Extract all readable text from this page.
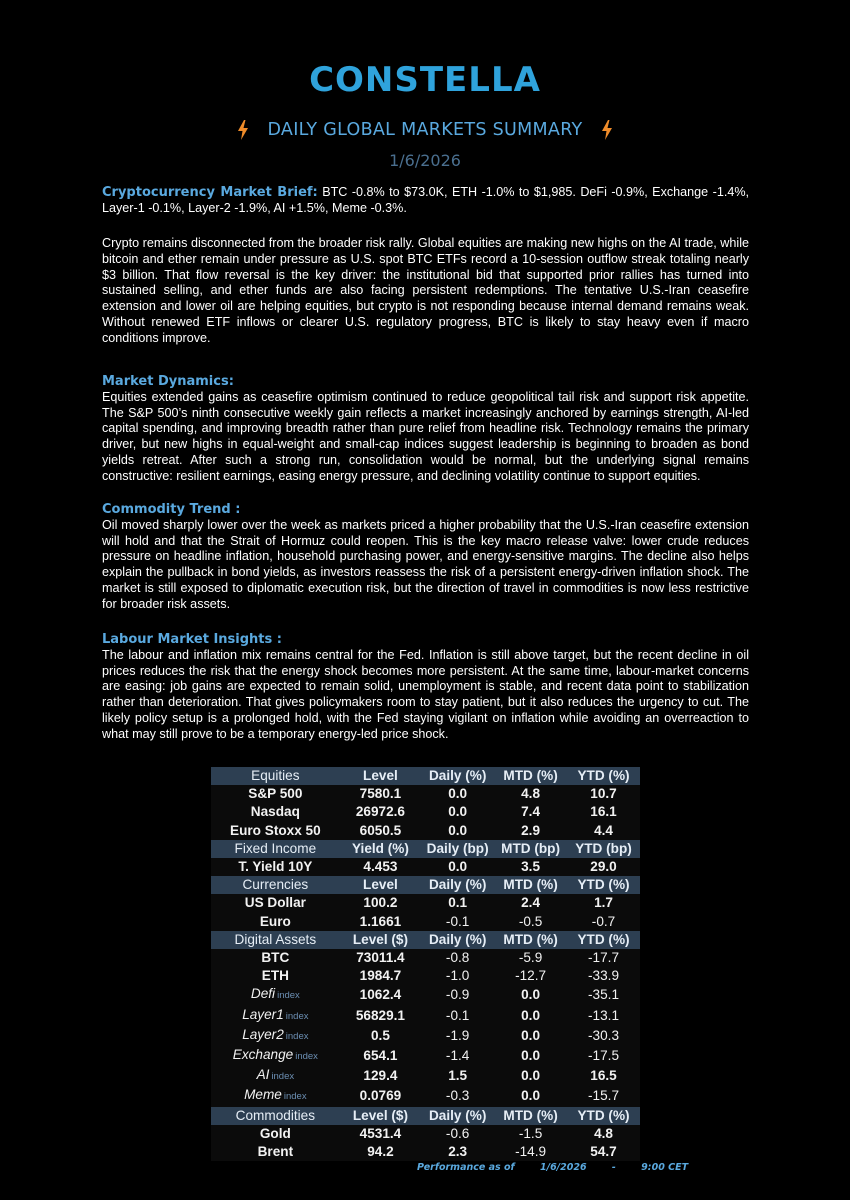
CONSTELLA
DAILY GLOBAL MARKETS SUMMARY
1/6/2026
Cryptocurrency Market Brief: BTC -0.8% to $73.0K, ETH -1.0% to $1,985. DeFi -0.9%, Exchange -1.4%, Layer-1 -0.1%, Layer-2 -1.9%, AI +1.5%, Meme -0.3%.
Crypto remains disconnected from the broader risk rally. Global equities are making new highs on the AI trade, while bitcoin and ether remain under pressure as U.S. spot BTC ETFs record a 10-session outflow streak totaling nearly $3 billion. That flow reversal is the key driver: the institutional bid that supported prior rallies has turned into sustained selling, and ether funds are also facing persistent redemptions. The tentative U.S.-Iran ceasefire extension and lower oil are helping equities, but crypto is not responding because internal demand remains weak. Without renewed ETF inflows or clearer U.S. regulatory progress, BTC is likely to stay heavy even if macro conditions improve.
Market Dynamics:
Equities extended gains as ceasefire optimism continued to reduce geopolitical tail risk and support risk appetite. The S&P 500’s ninth consecutive weekly gain reflects a market increasingly anchored by earnings strength, AI-led capital spending, and improving breadth rather than pure relief from headline risk. Technology remains the primary driver, but new highs in equal-weight and small-cap indices suggest leadership is beginning to broaden as bond yields retreat. After such a strong run, consolidation would be normal, but the underlying signal remains constructive: resilient earnings, easing energy pressure, and declining volatility continue to support equities.
Commodity Trend :
Oil moved sharply lower over the week as markets priced a higher probability that the U.S.-Iran ceasefire extension will hold and that the Strait of Hormuz could reopen. This is the key macro release valve: lower crude reduces pressure on headline inflation, household purchasing power, and energy-sensitive margins. The decline also helps explain the pullback in bond yields, as investors reassess the risk of a persistent energy-driven inflation shock. The market is still exposed to diplomatic execution risk, but the direction of travel in commodities is now less restrictive for broader risk assets.
Labour Market Insights :
The labour and inflation mix remains central for the Fed. Inflation is still above target, but the recent decline in oil prices reduces the risk that the energy shock becomes more persistent. At the same time, labour-market concerns are easing: job gains are expected to remain solid, unemployment is stable, and recent data point to stabilization rather than deterioration. That gives policymakers room to stay patient, but it also reduces the urgency to cut. The likely policy setup is a prolonged hold, with the Fed staying vigilant on inflation while avoiding an overreaction to what may still prove to be a temporary energy-led price shock.
Equities	Level	Daily (%)	MTD (%)	YTD (%)
S&P 500	7580.1	0.0	4.8	10.7
Nasdaq	26972.6	0.0	7.4	16.1
Euro Stoxx 50	6050.5	0.0	2.9	4.4
Fixed Income	Yield (%)	Daily (bp)	MTD (bp)	YTD (bp)
T. Yield 10Y	4.453	0.0	3.5	29.0
Currencies	Level	Daily (%)	MTD (%)	YTD (%)
US Dollar	100.2	0.1	2.4	1.7
Euro	1.1661	-0.1	-0.5	-0.7
Digital Assets	Level ($)	Daily (%)	MTD (%)	YTD (%)
BTC	73011.4	-0.8	-5.9	-17.7
ETH	1984.7	-1.0	-12.7	-33.9
Defi index	1062.4	-0.9	0.0	-35.1
Layer1 index	56829.1	-0.1	0.0	-13.1
Layer2 index	0.5	-1.9	0.0	-30.3
Exchange index	654.1	-1.4	0.0	-17.5
AI index	129.4	1.5	0.0	16.5
Meme index	0.0769	-0.3	0.0	-15.7
Commodities	Level ($)	Daily (%)	MTD (%)	YTD (%)
Gold	4531.4	-0.6	-1.5	4.8
Brent	94.2	2.3	-14.9	54.7
Performance as of	1/6/2026	-	9:00 CET
